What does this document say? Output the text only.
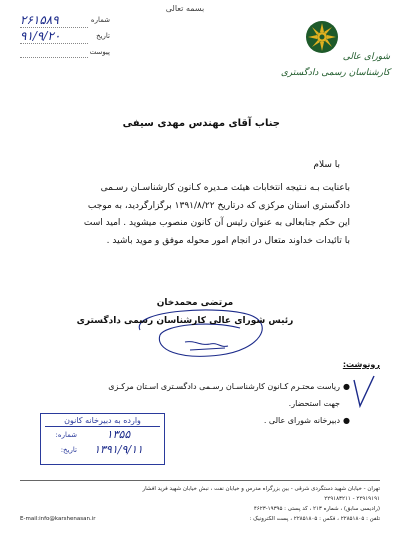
بسمه تعالی
شورای عالی
کارشناسان رسمی دادگستری
شماره
۲۶۱۵۸۹
تاریخ
۹۱/۹/۲۰
پیوست
جناب آقای مهندس مهدی سیفی
با سلام
باعنایت بـه نـتیجه انتخابات هیئت مـدیره کـانون کارشناسـان رسـمی
دادگستری استان مرکزی که درتاریخ ۱۳۹۱/۸/۲۲ برگزارگردید، به موجب
این حکم جنابعالی به عنوان رئیس آن کانون منصوب میشوید . امید است
با تائیدات خداوند متعال در انجام امور محوله موفق و موید باشید .
مرتضی محمدخان
رئیس شورای عالی کارشناسان رسمی دادگستری
رونوشت:
●
ریاست محتـرم کـانون کارشناسـان رسـمی دادگسـتری اسـتان مرکـزی
جهت استحضار.
●
دبیرخانه شورای عالی .
وارده به دبیرخانه کانون
شماره:	۱۳۵۵
تاریخ:	۱۳۹۱/۹/۱۱
تهران - خیابان شهید دستگردی شرقی - بین بزرگراه مدرس و خیابان نفت ، نبش خیابان شهید فرید افشار
۲۲۹۱۹۱۹۱ - ۲۲۹۱۸۳۲۱۱
(رادیسی سابق) ، شماره ۲۱۳ ، کد پستی : ۱۹۳۹۵-۴۶۲۳
تلفن : ۲۲۸۵۱۸۰۵ ، فکس : ۲۲۸۵۱۸۰۵ ، پست الکترونیک :
E-mail:info@karshenasan.ir
